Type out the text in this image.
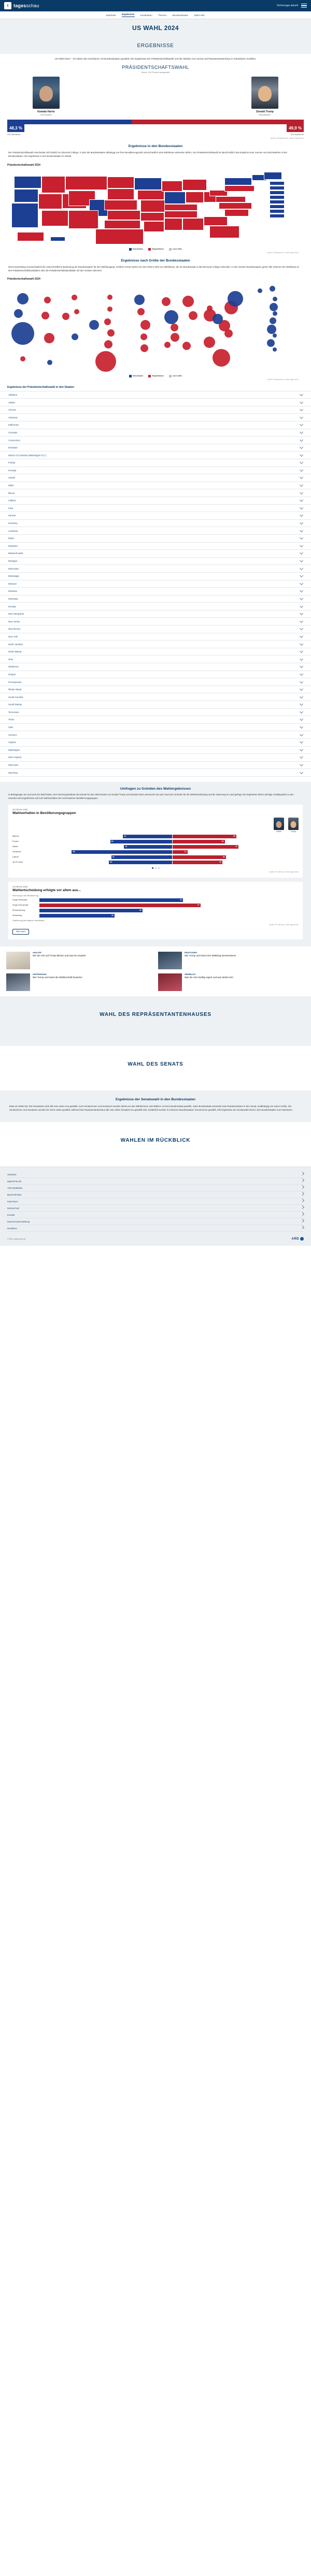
t tagesschau	Vorhersage aktuell
Startseite Ergebnisse Kandidaten Themen Bundesstaaten Wahl-ABC
US WAHL 2024
ERGEBNISSE

US-Wahl 2024 – So haben die Amerikaner US-Bundesstaaten gewählt: Die Ergebnisse der Präsidentschaftswahl und der Wahlen zum Senat und Repräsentantenhaus in interaktiven Grafiken.

PRÄSIDENTSCHAFTSWAHL
Stand: 100 Prozent ausgezählt
Kamala Harris
Demokraten
Donald Trump
Republikaner
48,3 %	49,9 %
226 Wahlleute	312 Wahlleute
Quelle: AP/tagesschau, Grafik: tagesschau
Ergebnisse in den Bundesstaaten

Die Präsidentschaftswahl entscheidet sich letztlich im Electoral College, in dem die Bundesstaaten abhängig von ihrer Bevölkerungszahl unterschiedlich viele Wahlleute entsenden dürfen. Der Präsidentschaftswahl ist damit letztlich das Ergebnis einer Summe von Einzelwahlen in den Bundesstaaten. Die Ergebnisse in den Bundesstaaten im Detail.

Präsidentschaftswahl 2024
Demokraten	Republikaner	noch offen
Quelle: AP/tagesschau, Grafik: tagesschau
Ergebnisse nach Größe der Bundesstaaten

Diese Darstellung veranschaulicht die unterschiedliche Bedeutung der Bundesstaaten für den Wahlausgang: Größere Kreise stehen für eine höhere Zahl von Wahlleuten, die ein Bundesstaat in das Electoral College entsendet. In den meisten Bundesstaaten gehen alle Stimmen der Wahlleute an den Präsidentschaftskandidaten oder die Präsidentschaftskandidatin mit den meisten Stimmen.

Präsidentschaftswahl 2024
Demokraten	Republikaner	noch offen
Quelle: AP/tagesschau, Grafik: tagesschau
Ergebnisse der Präsidentschaftswahl in den Staaten
Alabama
Alaska
Arizona
Arkansas
Kalifornien
Colorado
Connecticut
Delaware
District of Columbia (Washington D.C.)
Florida
Georgia
Hawaii
Idaho
Illinois
Indiana
Iowa
Kansas
Kentucky
Louisiana
Maine
Maryland
Massachusetts
Michigan
Minnesota
Mississippi
Missouri
Montana
Nebraska
Nevada
New Hampshire
New Jersey
New Mexico
New York
North Carolina
North Dakota
Ohio
Oklahoma
Oregon
Pennsylvania
Rhode Island
South Carolina
South Dakota
Tennessee
Texas
Utah
Vermont
Virginia
Washington
West Virginia
Wisconsin
Wyoming
Umfragen zu Gründen des Wahlergebnisses

In Befragungen am und nach der Wahl haben US-Forschungsinstitute die Gründe für das Abschneiden von Donald Trump und Kamala Harris untersucht und auch nach den Gründen für die Wahlentscheidung und die Stimmung im Land gefragt. Die Ergebnisse bieten wichtige Anhaltspunkte zu den Ursachen des Ergebnisses und zum Wahlverhalten der verschiedenen Bevölkerungsgruppen.

US-WAHL 2024
Wahlverhalten in Bevölkerungsgruppen
Harris	Trump
Männer	42	55
Frauen	53	45
Weiße	41	57
Schwarze	86	13
Latinos	52	46
18-29 Jahre	54	43
Quelle: AP VoteCast, Grafik: tagesschau
US-WAHL 2024
Wahlentscheidung erfolgte vor allem aus...
Stimmung in der Bevölkerung
Sorge Wirtschaft	67
Sorge Demokratie	75
Einwanderung	48
Abtreibung	35
Zustimmung bei eigenen Kandidaten
Quelle: AP VoteCast, Grafik: tagesschau
Mehr dazu
ANALYSE
Wie die USA auf Trump blicken und was ihn erwartet
REAKTIONEN
Wie Trump und Harris den Wahlsieg kommentieren
HINTERGRUND
Wie Trump und Harris die Wählerschaft bewerten
ÜBERBLICK
Was die USA künftig regiert und was ändert sich
WAHL DES REPRÄSENTANTENHAUSES
WAHL DES SENATS
Ergebnisse der Senatswahl in den Bundesstaaten

Etwa ein Drittel der 100 Senatssitze wird alle zwei Jahre neu gewählt. Auch Senatorinnen und Senatoren werden direkt von den Wählerinnen und Wählern in ihrem Bundesstaat gewählt. Jeder Bundesstaat entsendet zwei Repräsentanten in den Senat, unabhängig von seiner Größe. Die Senatorinnen und Senatoren werden für sechs Jahre gewählt, während das Repräsentantenhaus alle zwei Jahre komplett neu gewählt wird. Zusätzlich wurden in mehreren Bundesstaaten Gouverneure gewählt. Alle Ergebnisse der Senatswahl 2024 in den Bundesstaaten zum Nachlesen.

WAHLEN IM RÜCKBLICK
Startseite
tagesschau.de
ARD Mediathek
Barrierefreiheit
Impressum
Datenschutz
Kontakt
Datenschutzeinstellung
Redaktion
© ARD | tagesschau.de	ARD
